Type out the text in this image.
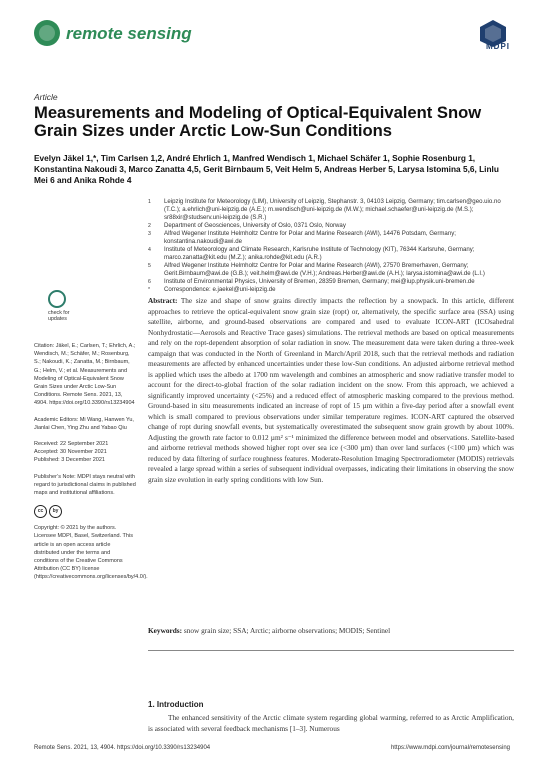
remote sensing
MDPI
Article
Measurements and Modeling of Optical-Equivalent Snow Grain Sizes under Arctic Low-Sun Conditions
Evelyn Jäkel 1,*, Tim Carlsen 1,2, André Ehrlich 1, Manfred Wendisch 1, Michael Schäfer 1, Sophie Rosenburg 1, Konstantina Nakoudi 3, Marco Zanatta 4,5, Gerit Birnbaum 5, Veit Helm 5, Andreas Herber 5, Larysa Istomina 5,6, Linlu Mei 6 and Anika Rohde 4
1 Leipzig Institute for Meteorology (LIM), University of Leipzig, Stephanstr. 3, 04103 Leipzig, Germany; tim.carlsen@geo.uio.no (T.C.); a.ehrlich@uni-leipzig.de (A.E.); m.wendisch@uni-leipzig.de (M.W.); michael.schaefer@uni-leipzig.de (M.S.); sr88xir@studserv.uni-leipzig.de (S.R.)
2 Department of Geosciences, University of Oslo, 0371 Oslo, Norway
3 Alfred Wegener Institute Helmholtz Centre for Polar and Marine Research (AWI), 14476 Potsdam, Germany; konstantina.nakoudi@awi.de
4 Institute of Meteorology and Climate Research, Karlsruhe Institute of Technology (KIT), 76344 Karlsruhe, Germany; marco.zanatta@kit.edu (M.Z.); anika.rohde@kit.edu (A.R.)
5 Alfred Wegener Institute Helmholtz Centre for Polar and Marine Research (AWI), 27570 Bremerhaven, Germany; Gerit.Birnbaum@awi.de (G.B.); veit.helm@awi.de (V.H.); Andreas.Herber@awi.de (A.H.); larysa.istomina@awi.de (L.I.)
6 Institute of Environmental Physics, University of Bremen, 28359 Bremen, Germany; mei@iup.physik.uni-bremen.de
* Correspondence: e.jaekel@uni-leipzig.de
check for updates
Citation: Jäkel, E.; Carlsen, T.; Ehrlich, A.; Wendisch, M.; Schäfer, M.; Rosenburg, S.; Nakoudi, K.; Zanatta, M.; Birnbaum, G.; Helm, V.; et al. Measurements and Modeling of Optical-Equivalent Snow Grain Sizes under Arctic Low-Sun Conditions. Remote Sens. 2021, 13, 4904. https://doi.org/10.3390/rs13234904
Academic Editors: Mi Wang, Hanwen Yu, Jianlai Chen, Ying Zhu and Yabao Qiu
Received: 22 September 2021
Accepted: 30 November 2021
Published: 3 December 2021
Publisher’s Note: MDPI stays neutral with regard to jurisdictional claims in published maps and institutional affiliations.
cc	by
Copyright: © 2021 by the authors. Licensee MDPI, Basel, Switzerland. This article is an open access article distributed under the terms and conditions of the Creative Commons Attribution (CC BY) license (https://creativecommons.org/licenses/by/4.0/).
Abstract: The size and shape of snow grains directly impacts the reflection by a snowpack. In this article, different approaches to retrieve the optical-equivalent snow grain size (ropt) or, alternatively, the specific surface area (SSA) using satellite, airborne, and ground-based observations are compared and used to evaluate ICON-ART (ICOsahedral Nonhydrostatic—Aerosols and Reactive Trace gases) simulations. The retrieval methods are based on optical measurements and rely on the ropt-dependent absorption of solar radiation in snow. The measurement data were taken during a three-week campaign that was conducted in the North of Greenland in March/April 2018, such that the retrieval methods and radiation measurements are affected by enhanced uncertainties under these low-Sun conditions. An adjusted airborne retrieval method is applied which uses the albedo at 1700 nm wavelength and combines an atmospheric and snow radiative transfer model to account for the direct-to-global fraction of the solar radiation incident on the snow. From this approach, we achieved a significantly improved uncertainty (<25%) and a reduced effect of atmospheric masking compared to the previous method. Ground-based in situ measurements indicated an increase of ropt of 15 µm within a five-day period after a snowfall event which is small compared to previous observations under similar temperature regimes. ICON-ART captured the observed change of ropt during snowfall events, but systematically overestimated the subsequent snow grain growth by about 100%. Adjusting the growth rate factor to 0.012 µm² s⁻¹ minimized the difference between model and observations. Satellite-based and airborne retrieval methods showed higher ropt over sea ice (<300 µm) than over land surfaces (<100 µm) which was reduced by data filtering of surface roughness features. Moderate-Resolution Imaging Spectroradiometer (MODIS) retrievals revealed a large spread within a series of subsequent individual overpasses, indicating their limitations in observing the snow grain size evolution in early spring conditions with low Sun.
Keywords: snow grain size; SSA; Arctic; airborne observations; MODIS; Sentinel
1. Introduction
The enhanced sensitivity of the Arctic climate system regarding global warming, referred to as Arctic Amplification, is associated with several feedback mechanisms [1–3]. Numerous
Remote Sens. 2021, 13, 4904. https://doi.org/10.3390/rs13234904	https://www.mdpi.com/journal/remotesensing
